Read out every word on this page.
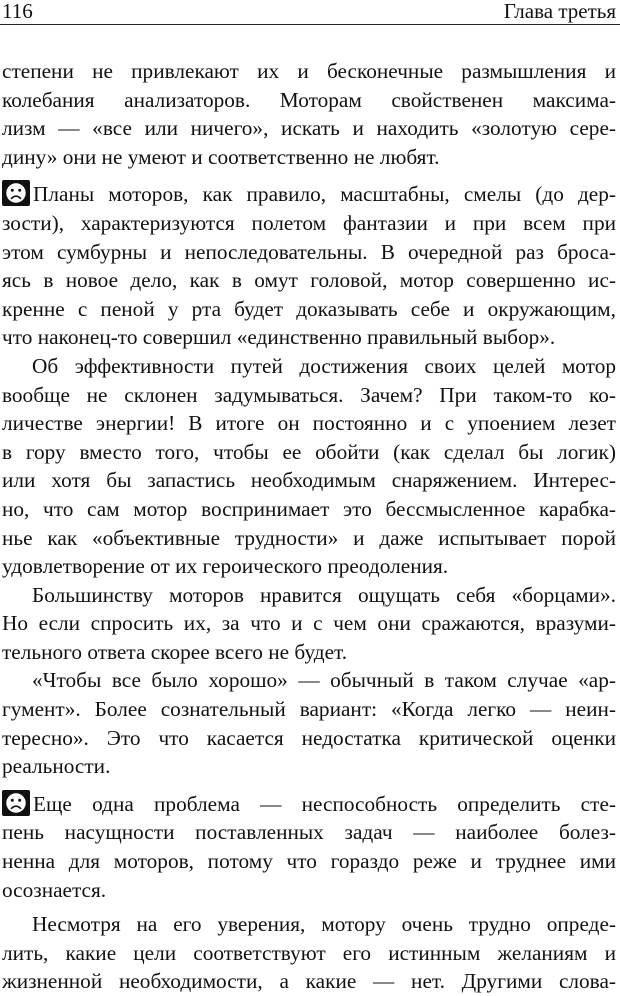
116	Глава третья
степени не привлекают их и бесконечные размышления и
колебания анализаторов. Моторам свойственен максима-
лизм — «все или ничего», искать и находить «золотую сере-
дину» они не умеют и соответственно не любят.
Планы моторов, как правило, масштабны, смелы (до дер-
зости), характеризуются полетом фантазии и при всем при
этом сумбурны и непоследовательны. В очередной раз броса-
ясь в новое дело, как в омут головой, мотор совершенно ис-
кренне с пеной у рта будет доказывать себе и окружающим,
что наконец-то совершил «единственно правильный выбор».
Об эффективности путей достижения своих целей мотор
вообще не склонен задумываться. Зачем? При таком-то ко-
личестве энергии! В итоге он постоянно и с упоением лезет
в гору вместо того, чтобы ее обойти (как сделал бы логик)
или хотя бы запастись необходимым снаряжением. Интерес-
но, что сам мотор воспринимает это бессмысленное карабка-
нье как «объективные трудности» и даже испытывает порой
удовлетворение от их героического преодоления.
Большинству моторов нравится ощущать себя «борцами».
Но если спросить их, за что и с чем они сражаются, вразуми-
тельного ответа скорее всего не будет.
«Чтобы все было хорошо» — обычный в таком случае «ар-
гумент». Более сознательный вариант: «Когда легко — неин-
тересно». Это что касается недостатка критической оценки
реальности.
Еще одна проблема — неспособность определить сте-
пень насущности поставленных задач — наиболее болез-
ненна для моторов, потому что гораздо реже и труднее ими
осознается.
Несмотря на его уверения, мотору очень трудно опреде-
лить, какие цели соответствуют его истинным желаниям и
жизненной необходимости, а какие — нет. Другими слова-
